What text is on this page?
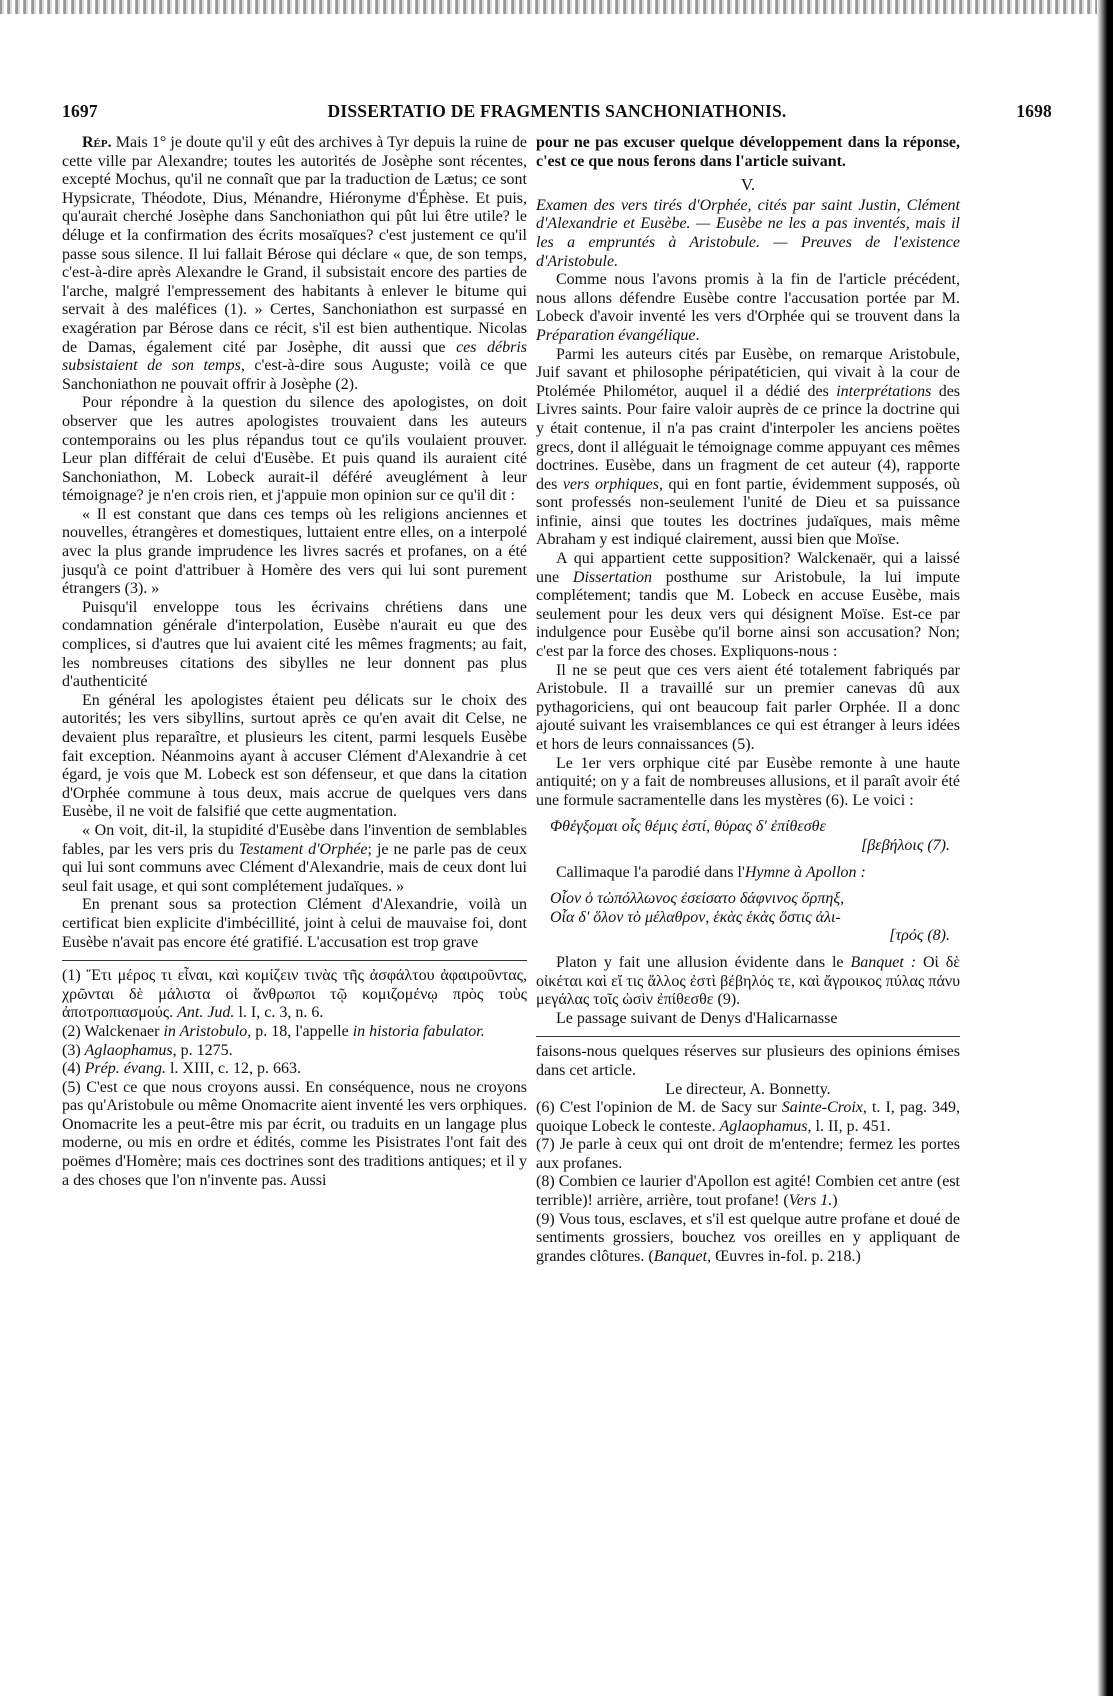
1697	DISSERTATIO DE FRAGMENTIS SANCHONIATHONIS.	1698

Rép. Mais 1° je doute qu'il y eût des archives à Tyr depuis la ruine de cette ville par Alexandre; toutes les autorités de Josèphe sont récentes, excepté Mochus, qu'il ne connaît que par la traduction de Lætus; ce sont Hypsicrate, Théodote, Dius, Ménandre, Hiéronyme d'Éphèse. Et puis, qu'aurait cherché Josèphe dans Sanchoniathon qui pût lui être utile? le déluge et la confirmation des écrits mosaïques? c'est justement ce qu'il passe sous silence. Il lui fallait Bérose qui déclare « que, de son temps, c'est-à-dire après Alexandre le Grand, il subsistait encore des parties de l'arche, malgré l'empressement des habitants à enlever le bitume qui servait à des maléfices (1). » Certes, Sanchoniathon est surpassé en exagération par Bérose dans ce récit, s'il est bien authentique. Nicolas de Damas, également cité par Josèphe, dit aussi que ces débris subsistaient de son temps, c'est-à-dire sous Auguste; voilà ce que Sanchoniathon ne pouvait offrir à Josèphe (2).

Pour répondre à la question du silence des apologistes, on doit observer que les autres apologistes trouvaient dans les auteurs contemporains ou les plus répandus tout ce qu'ils voulaient prouver. Leur plan différait de celui d'Eusèbe. Et puis quand ils auraient cité Sanchoniathon, M. Lobeck aurait-il déféré aveuglément à leur témoignage? je n'en crois rien, et j'appuie mon opinion sur ce qu'il dit :

« Il est constant que dans ces temps où les religions anciennes et nouvelles, étrangères et domestiques, luttaient entre elles, on a interpolé avec la plus grande imprudence les livres sacrés et profanes, on a été jusqu'à ce point d'attribuer à Homère des vers qui lui sont purement étrangers (3). »

Puisqu'il enveloppe tous les écrivains chrétiens dans une condamnation générale d'interpolation, Eusèbe n'aurait eu que des complices, si d'autres que lui avaient cité les mêmes fragments; au fait, les nombreuses citations des sibylles ne leur donnent pas plus d'authenticité

En général les apologistes étaient peu délicats sur le choix des autorités; les vers sibyllins, surtout après ce qu'en avait dit Celse, ne devaient plus reparaître, et plusieurs les citent, parmi lesquels Eusèbe fait exception. Néanmoins ayant à accuser Clément d'Alexandrie à cet égard, je vois que M. Lobeck est son défenseur, et que dans la citation d'Orphée commune à tous deux, mais accrue de quelques vers dans Eusèbe, il ne voit de falsifié que cette augmentation.

« On voit, dit-il, la stupidité d'Eusèbe dans l'invention de semblables fables, par les vers pris du Testament d'Orphée; je ne parle pas de ceux qui lui sont communs avec Clément d'Alexandrie, mais de ceux dont lui seul fait usage, et qui sont complétement judaïques. »

En prenant sous sa protection Clément d'Alexandrie, voilà un certificat bien explicite d'imbécillité, joint à celui de mauvaise foi, dont Eusèbe n'avait pas encore été gratifié. L'accusation est trop grave

(1) Ἔτι μέρος τι εἶναι, καὶ κομίζειν τινὰς τῆς ἀσφάλτου ἀφαιροῦντας, χρῶνται δὲ μάλιστα οἱ ἄνθρωποι τῷ κομιζομένῳ πρὸς τοὺς ἀποτροπιασμούς. Ant. Jud. l. I, c. 3, n. 6.

(2) Walckenaer in Aristobulo, p. 18, l'appelle in historia fabulator.

(3) Aglaophamus, p. 1275.

(4) Prép. évang. l. XIII, c. 12, p. 663.

(5) C'est ce que nous croyons aussi. En conséquence, nous ne croyons pas qu'Aristobule ou même Onomacrite aient inventé les vers orphiques. Onomacrite les a peut-être mis par écrit, ou traduits en un langage plus moderne, ou mis en ordre et édités, comme les Pisistrates l'ont fait des poëmes d'Homère; mais ces doctrines sont des traditions antiques; et il y a des choses que l'on n'invente pas. Aussi

pour ne pas excuser quelque développement dans la réponse, c'est ce que nous ferons dans l'article suivant.

V.

Examen des vers tirés d'Orphée, cités par saint Justin, Clément d'Alexandrie et Eusèbe. — Eusèbe ne les a pas inventés, mais il les a empruntés à Aristobule. — Preuves de l'existence d'Aristobule.

Comme nous l'avons promis à la fin de l'article précédent, nous allons défendre Eusèbe contre l'accusation portée par M. Lobeck d'avoir inventé les vers d'Orphée qui se trouvent dans la Préparation évangélique.

Parmi les auteurs cités par Eusèbe, on remarque Aristobule, Juif savant et philosophe péripatéticien, qui vivait à la cour de Ptolémée Philométor, auquel il a dédié des interprétations des Livres saints. Pour faire valoir auprès de ce prince la doctrine qui y était contenue, il n'a pas craint d'interpoler les anciens poëtes grecs, dont il alléguait le témoignage comme appuyant ces mêmes doctrines. Eusèbe, dans un fragment de cet auteur (4), rapporte des vers orphiques, qui en font partie, évidemment supposés, où sont professés non-seulement l'unité de Dieu et sa puissance infinie, ainsi que toutes les doctrines judaïques, mais même Abraham y est indiqué clairement, aussi bien que Moïse.

A qui appartient cette supposition? Walckenaër, qui a laissé une Dissertation posthume sur Aristobule, la lui impute complétement; tandis que M. Lobeck en accuse Eusèbe, mais seulement pour les deux vers qui désignent Moïse. Est-ce par indulgence pour Eusèbe qu'il borne ainsi son accusation? Non; c'est par la force des choses. Expliquons-nous :

Il ne se peut que ces vers aient été totalement fabriqués par Aristobule. Il a travaillé sur un premier canevas dû aux pythagoriciens, qui ont beaucoup fait parler Orphée. Il a donc ajouté suivant les vraisemblances ce qui est étranger à leurs idées et hors de leurs connaissances (5).

Le 1er vers orphique cité par Eusèbe remonte à une haute antiquité; on y a fait de nombreuses allusions, et il paraît avoir été une formule sacramentelle dans les mystères (6). Le voici :

Φθέγξομαι οἷς θέμις ἐστί, θύρας δ' ἐπίθεσθε

[βεβήλοις (7).

Callimaque l'a parodié dans l'Hymne à Apollon :

Οἷον ὁ τὠπόλλωνος ἐσείσατο δάφνινος ὅρπηξ,
Οἷα δ' ὅλον τὸ μέλαθρον, ἑκὰς ἑκὰς ὅστις ἀλι-

[τρός (8).

Platon y fait une allusion évidente dans le Banquet : Οἱ δὲ οἰκέται καὶ εἴ τις ἄλλος ἐστὶ βέβηλός τε, καὶ ἄγροικος πύλας πάνυ μεγάλας τοῖς ὠσὶν ἐπίθεσθε (9).

Le passage suivant de Denys d'Halicarnasse

faisons-nous quelques réserves sur plusieurs des opinions émises dans cet article.

Le directeur, A. Bonnetty.

(6) C'est l'opinion de M. de Sacy sur Sainte-Croix, t. I, pag. 349, quoique Lobeck le conteste. Aglaophamus, l. II, p. 451.

(7) Je parle à ceux qui ont droit de m'entendre; fermez les portes aux profanes.

(8) Combien ce laurier d'Apollon est agité! Combien cet antre (est terrible)! arrière, arrière, tout profane! (Vers 1.)

(9) Vous tous, esclaves, et s'il est quelque autre profane et doué de sentiments grossiers, bouchez vos oreilles en y appliquant de grandes clôtures. (Banquet, Œuvres in-fol. p. 218.)
